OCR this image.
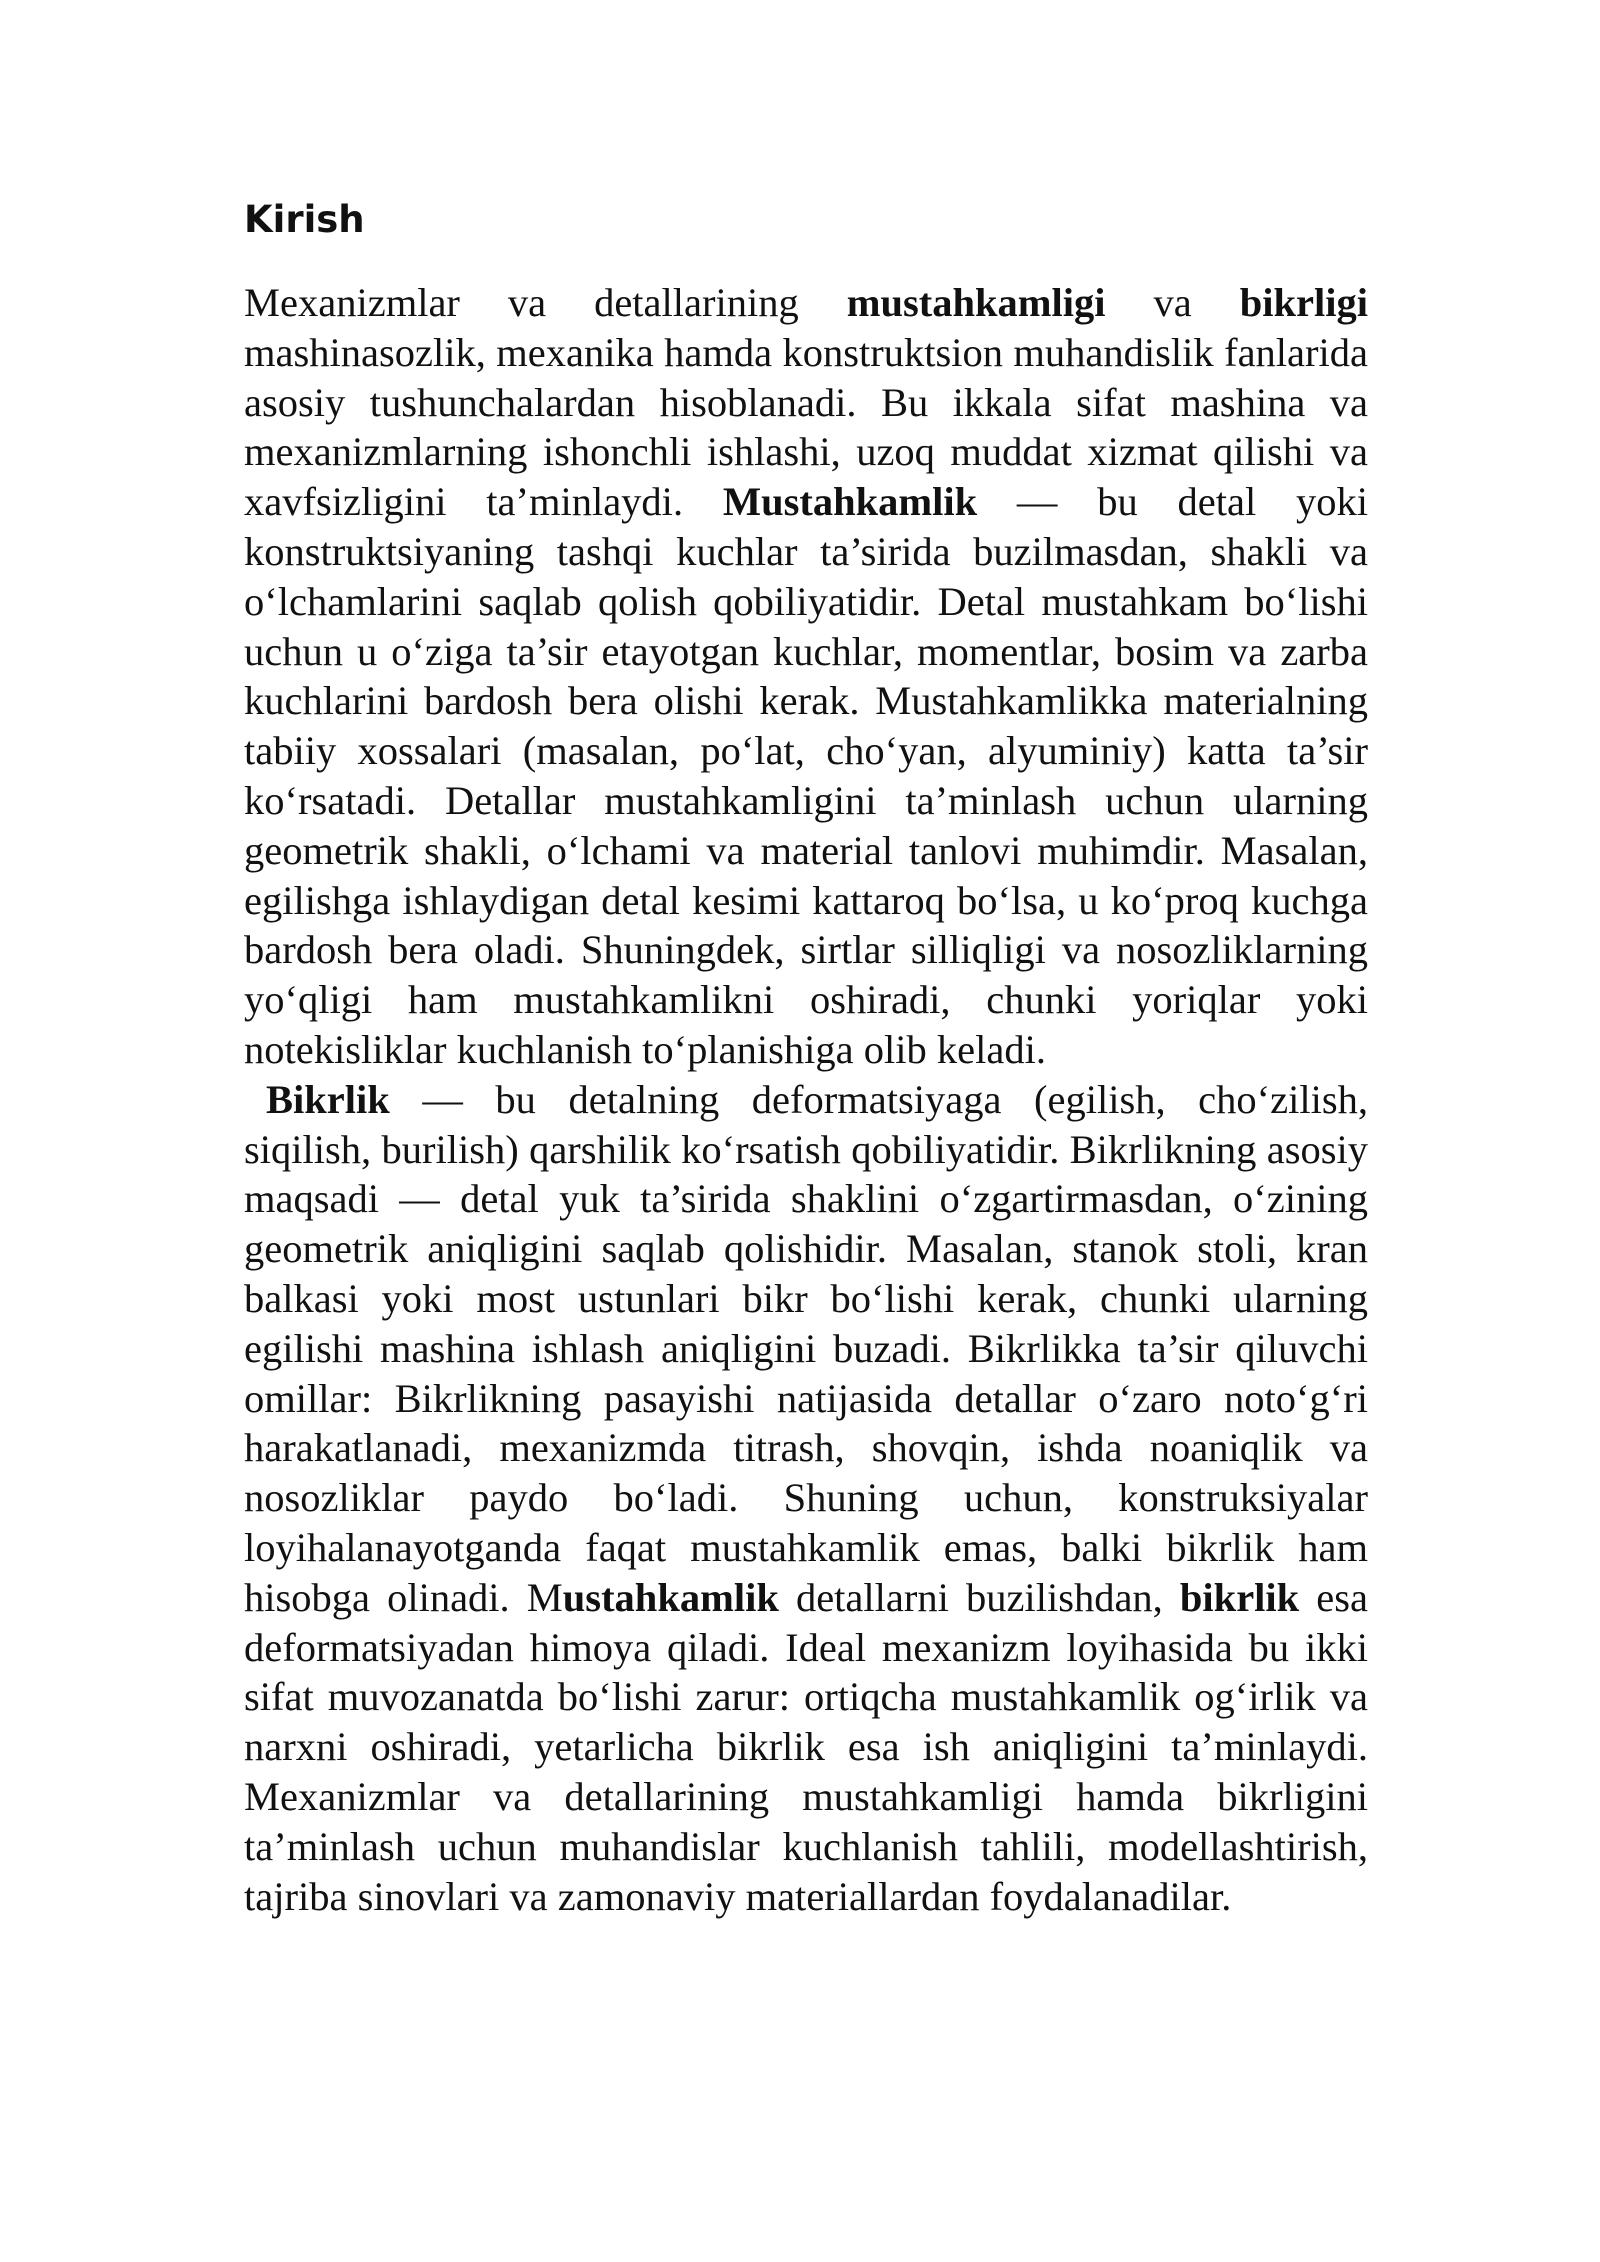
Kirish

Mexanizmlar va detallarining mustahkamligi va bikrligi mashinasozlik, mexanika hamda konstruktsion muhandislik fanlarida asosiy tushunchalardan hisoblanadi. Bu ikkala sifat mashina va mexanizmlarning ishonchli ishlashi, uzoq muddat xizmat qilishi va xavfsizligini ta’minlaydi. Mustahkamlik — bu detal yoki konstruktsiyaning tashqi kuchlar ta’sirida buzilmasdan, shakli va o‘lchamlarini saqlab qolish qobiliyatidir. Detal mustahkam bo‘lishi uchun u o‘ziga ta’sir etayotgan kuchlar, momentlar, bosim va zarba kuchlarini bardosh bera olishi kerak. Mustahkamlikka materialning tabiiy xossalari (masalan, po‘lat, cho‘yan, alyuminiy) katta ta’sir ko‘rsatadi. Detallar mustahkamligini ta’minlash uchun ularning geometrik shakli, o‘lchami va material tanlovi muhimdir. Masalan, egilishga ishlaydigan detal kesimi kattaroq bo‘lsa, u ko‘proq kuchga bardosh bera oladi. Shuningdek, sirtlar silliqligi va nosozliklarning yo‘qligi ham mustahkamlikni oshiradi, chunki yoriqlar yoki notekisliklar kuchlanish to‘planishiga olib keladi.

Bikrlik — bu detalning deformatsiyaga (egilish, cho‘zilish, siqilish, burilish) qarshilik ko‘rsatish qobiliyatidir. Bikrlikning asosiy maqsadi — detal yuk ta’sirida shaklini o‘zgartirmasdan, o‘zining geometrik aniqligini saqlab qolishidir. Masalan, stanok stoli, kran balkasi yoki most ustunlari bikr bo‘lishi kerak, chunki ularning egilishi mashina ishlash aniqligini buzadi. Bikrlikka ta’sir qiluvchi omillar: Bikrlikning pasayishi natijasida detallar o‘zaro noto‘g‘ri harakatlanadi, mexanizmda titrash, shovqin, ishda noaniqlik va nosozliklar paydo bo‘ladi. Shuning uchun, konstruksiyalar loyihalanayotganda faqat mustahkamlik emas, balki bikrlik ham hisobga olinadi. Mustahkamlik detallarni buzilishdan, bikrlik esa deformatsiyadan himoya qiladi. Ideal mexanizm loyihasida bu ikki sifat muvozanatda bo‘lishi zarur: ortiqcha mustahkamlik og‘irlik va narxni oshiradi, yetarlicha bikrlik esa ish aniqligini ta’minlaydi. Mexanizmlar va detallarining mustahkamligi hamda bikrligini ta’minlash uchun muhandislar kuchlanish tahlili, modellashtirish, tajriba sinovlari va zamonaviy materiallardan foydalanadilar.
